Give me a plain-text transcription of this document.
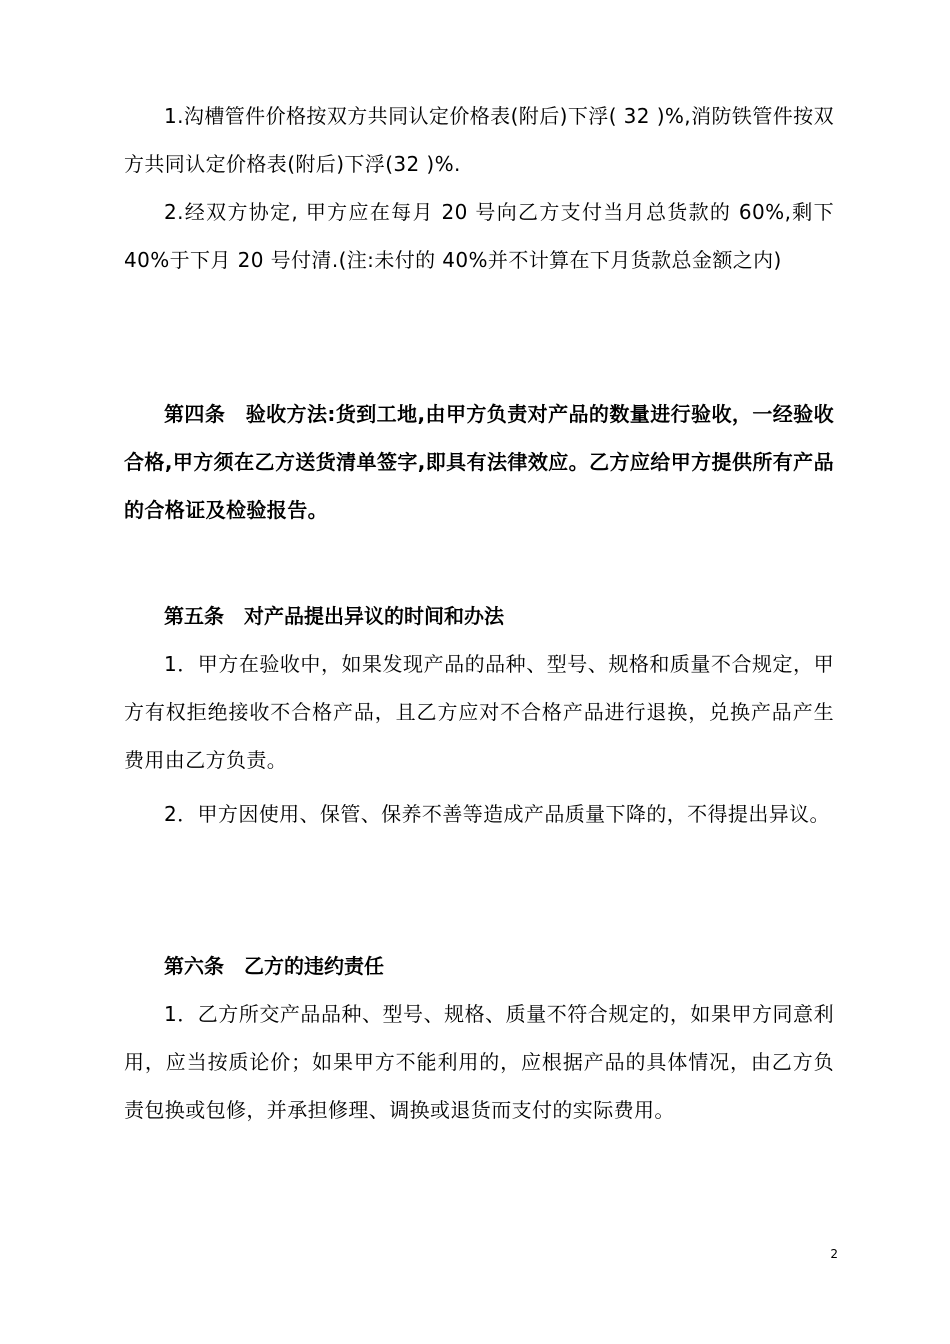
1.沟槽管件价格按双方共同认定价格表(附后)下浮( 32 )%,消防铁管件按双方共同认定价格表(附后)下浮(32 )%.

2.经双方协定, 甲方应在每月 20 号向乙方支付当月总货款的 60%,剩下 40%于下月 20 号付清.(注:未付的 40%并不计算在下月货款总金额之内)

第四条　验收方法:货到工地,由甲方负责对产品的数量进行验收，一经验收合格,甲方须在乙方送货清单签字,即具有法律效应。乙方应给甲方提供所有产品的合格证及检验报告。

第五条　对产品提出异议的时间和办法

1．甲方在验收中，如果发现产品的品种、型号、规格和质量不合规定，甲方有权拒绝接收不合格产品，且乙方应对不合格产品进行退换，兑换产品产生费用由乙方负责。

2．甲方因使用、保管、保养不善等造成产品质量下降的，不得提出异议。

第六条　乙方的违约责任

1．乙方所交产品品种、型号、规格、质量不符合规定的，如果甲方同意利用，应当按质论价；如果甲方不能利用的，应根据产品的具体情况，由乙方负责包换或包修，并承担修理、调换或退货而支付的实际费用。

2
